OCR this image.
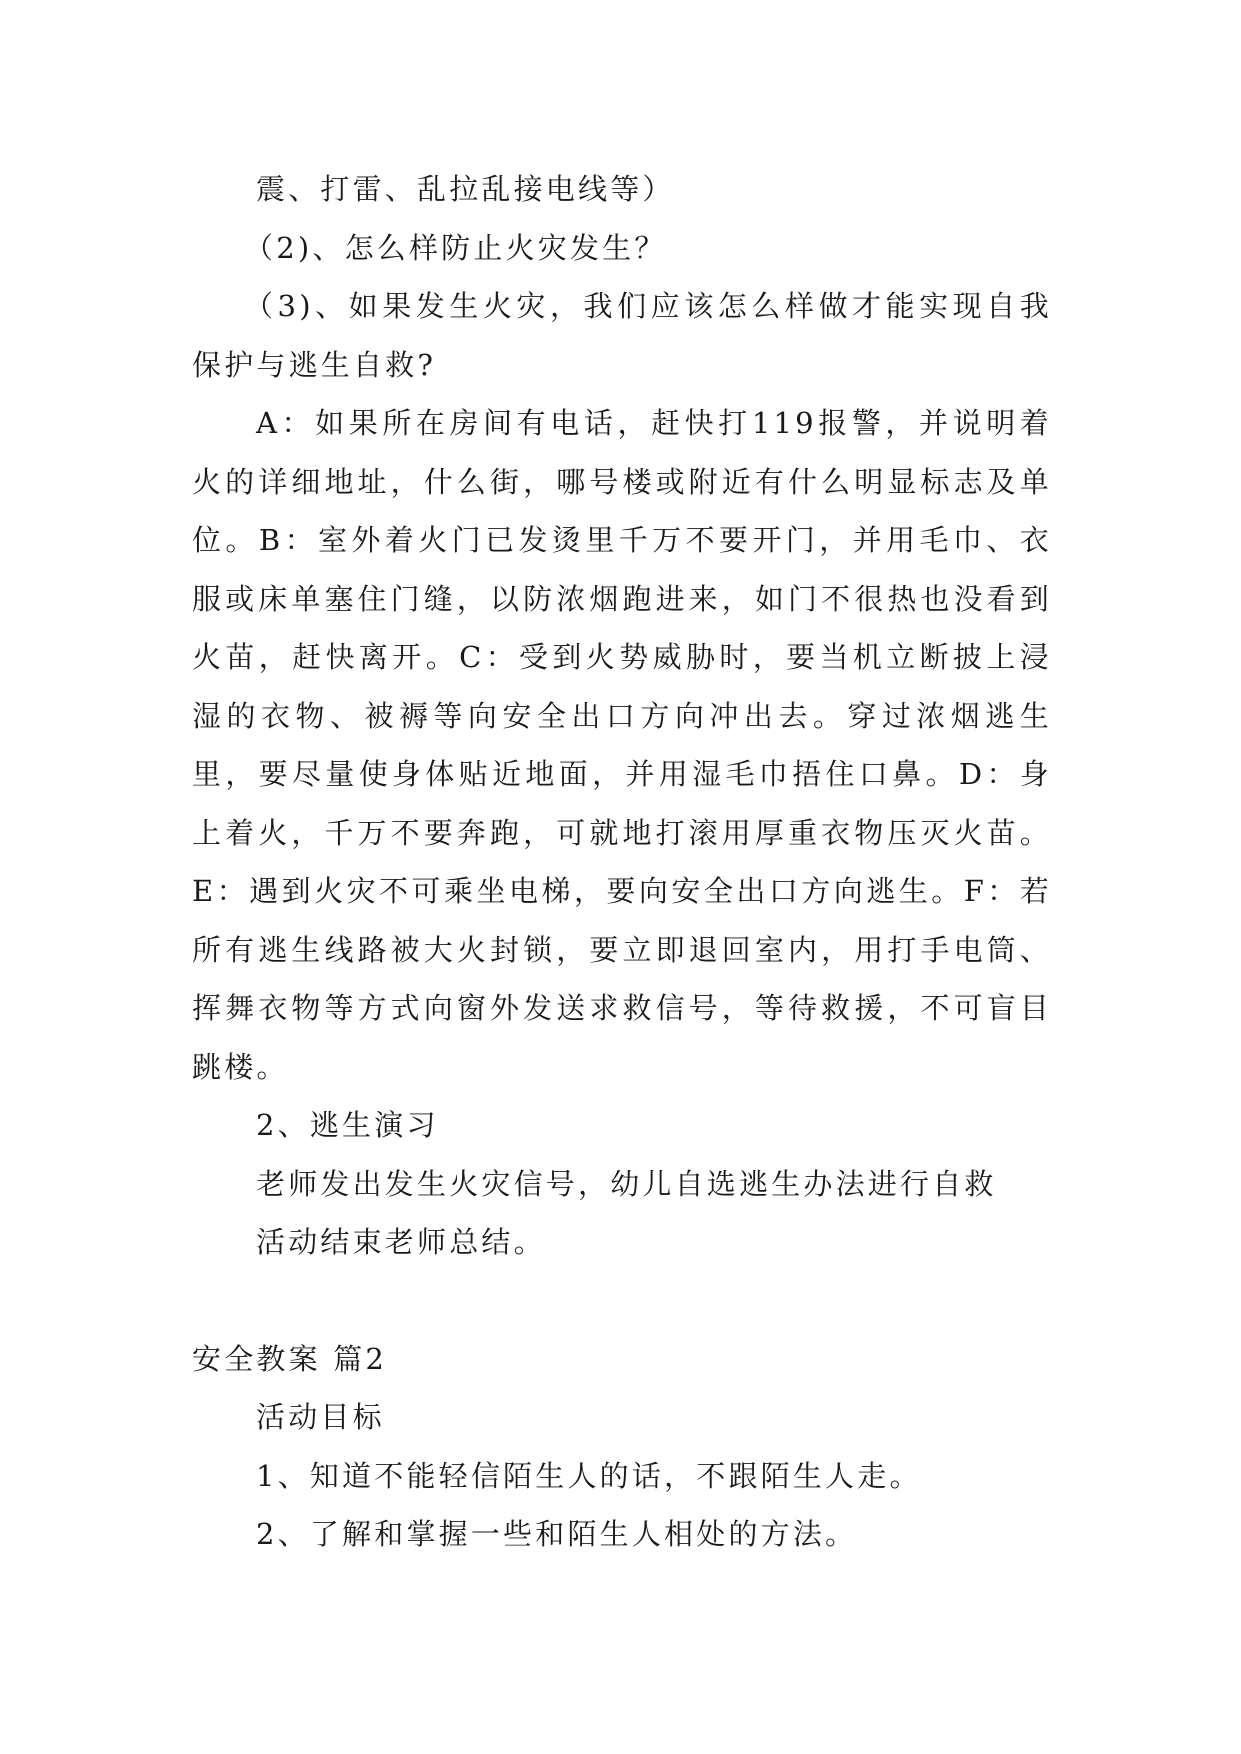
震、打雷、乱拉乱接电线等）

（2)、怎么样防止火灾发生？

（3)、如果发生火灾，我们应该怎么样做才能实现自我保护与逃生自救?

A：如果所在房间有电话，赶快打119报警，并说明着火的详细地址，什么街，哪号楼或附近有什么明显标志及单位。B：室外着火门已发烫里千万不要开门，并用毛巾、衣服或床单塞住门缝，以防浓烟跑进来，如门不很热也没看到火苗，赶快离开。C：受到火势威胁时，要当机立断披上浸湿的衣物、被褥等向安全出口方向冲出去。穿过浓烟逃生里，要尽量使身体贴近地面，并用湿毛巾捂住口鼻。D：身上着火，千万不要奔跑，可就地打滚用厚重衣物压灭火苗。E：遇到火灾不可乘坐电梯，要向安全出口方向逃生。F：若所有逃生线路被大火封锁，要立即退回室内，用打手电筒、挥舞衣物等方式向窗外发送求救信号，等待救援，不可盲目跳楼。

2、逃生演习

老师发出发生火灾信号，幼儿自选逃生办法进行自救

活动结束老师总结。

安全教案 篇2

活动目标

1、知道不能轻信陌生人的话，不跟陌生人走。

2、了解和掌握一些和陌生人相处的方法。
